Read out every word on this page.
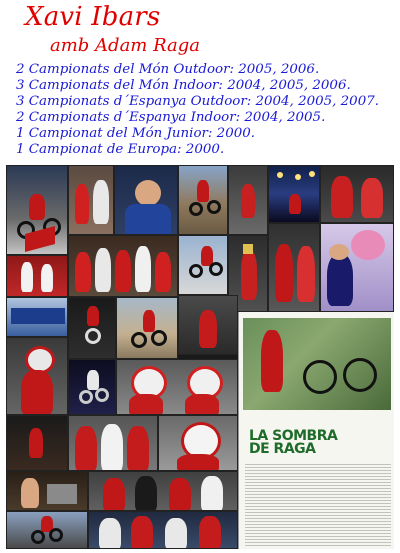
Xavi Ibars
amb Adam Raga
2 Campionats del Món Outdoor: 2005, 2006.
3 Campionats del Món Indoor: 2004, 2005, 2006.
3 Campionats d´Espanya Outdoor: 2004, 2005, 2007.
2 Campionats d´Espanya Indoor: 2004, 2005.
1 Campionat del Món Junior: 2000.
1 Campionat de Europa: 2000.
LA SOMBRA
DE RAGA
